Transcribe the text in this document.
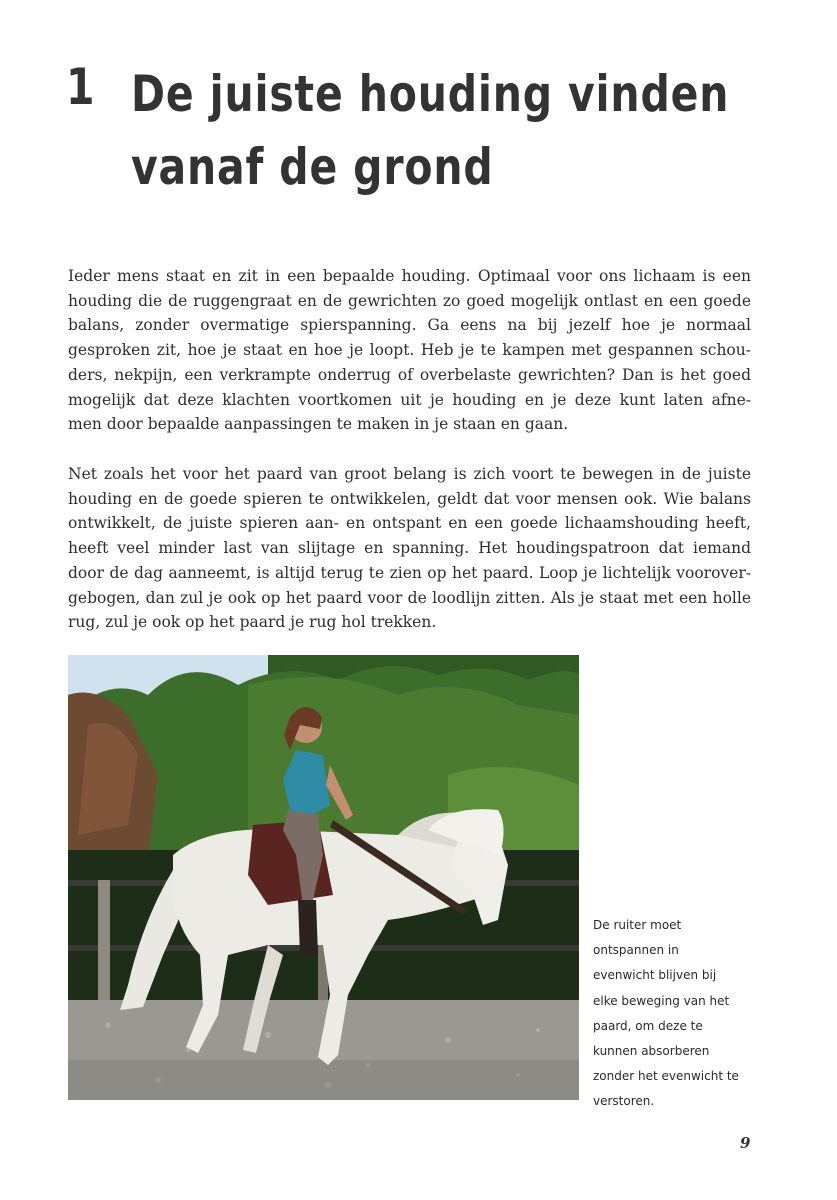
1 De juiste houding vinden
vanaf de grond
Ieder mens staat en zit in een bepaalde houding. Optimaal voor ons lichaam is een
houding die de ruggengraat en de gewrichten zo goed mogelijk ontlast en een goede
balans, zonder overmatige spierspanning. Ga eens na bij jezelf hoe je normaal
gesproken zit, hoe je staat en hoe je loopt. Heb je te kampen met gespannen schou-
ders, nekpijn, een verkrampte onderrug of overbelaste gewrichten? Dan is het goed
mogelijk dat deze klachten voortkomen uit je houding en je deze kunt laten afne-
men door bepaalde aanpassingen te maken in je staan en gaan.
Net zoals het voor het paard van groot belang is zich voort te bewegen in de juiste
houding en de goede spieren te ontwikkelen, geldt dat voor mensen ook. Wie balans
ontwikkelt, de juiste spieren aan- en ontspant en een goede lichaamshouding heeft,
heeft veel minder last van slijtage en spanning. Het houdingspatroon dat iemand
door de dag aanneemt, is altijd terug te zien op het paard. Loop je lichtelijk voorover-
gebogen, dan zul je ook op het paard voor de loodlijn zitten. Als je staat met een holle
rug, zul je ook op het paard je rug hol trekken.
De ruiter moet
ontspannen in
evenwicht blijven bij
elke beweging van het
paard, om deze te
kunnen absorberen
zonder het evenwicht te
verstoren.
9
